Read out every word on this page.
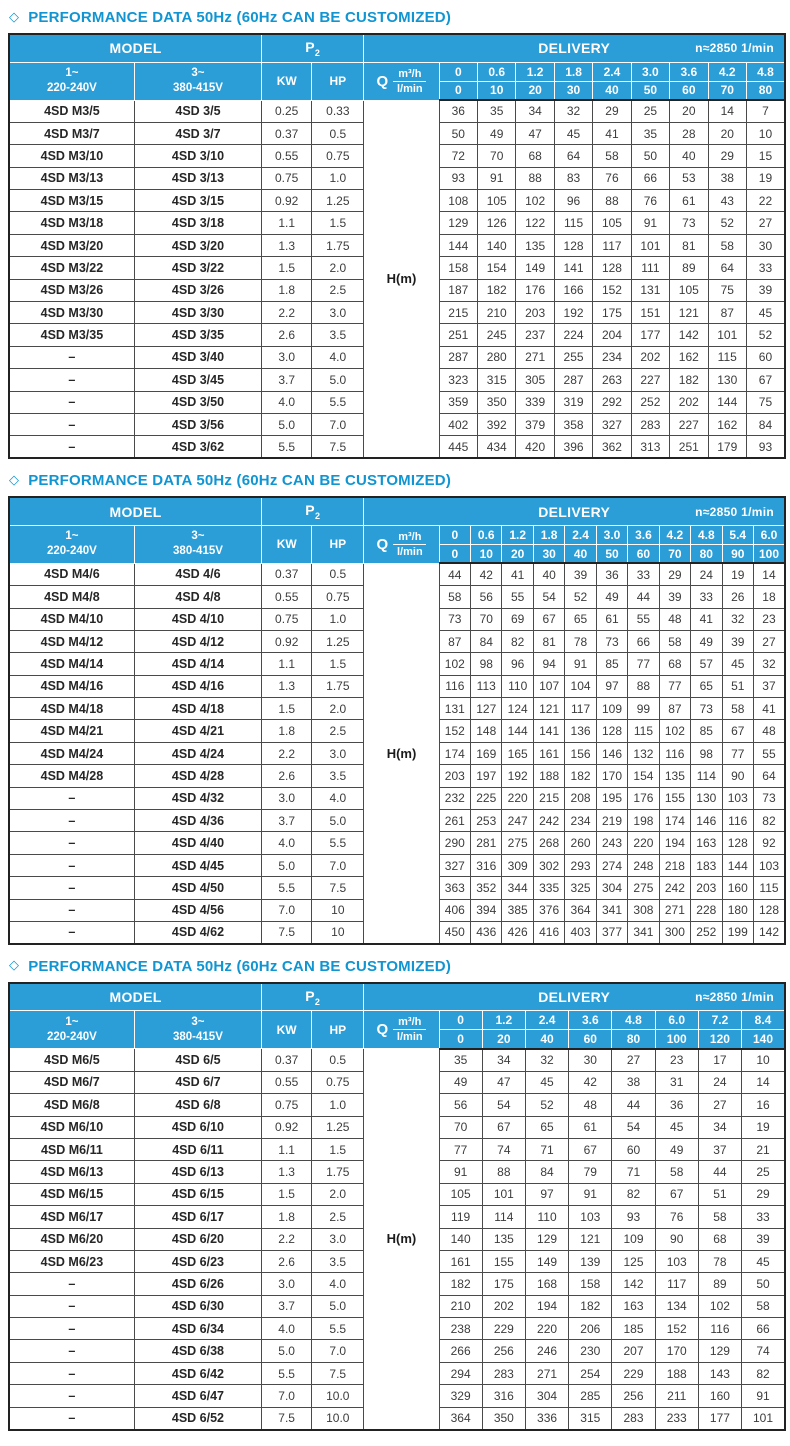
◇ PERFORMANCE DATA 50Hz (60Hz CAN BE CUSTOMIZED)
MODEL		$P_2$		DELIVERY n≈2850 1/min									

1~
220-240V

3~
380-415V	KW	HP	Q m³/h
l/min
	0	0.6	1.2	1.8	2.4	3.0	3.6	4.2	4.8
					0	10	20	30	40	50	60	70	80
4SD M3/5	4SD 3/5	0.25	0.33	H(m)	36	35	34	32	29	25	20	14	7
4SD M3/7	4SD 3/7	0.37	0.5		50	49	47	45	41	35	28	20	10
4SD M3/10	4SD 3/10	0.55	0.75		72	70	68	64	58	50	40	29	15
4SD M3/13	4SD 3/13	0.75	1.0		93	91	88	83	76	66	53	38	19
4SD M3/15	4SD 3/15	0.92	1.25		108	105	102	96	88	76	61	43	22
4SD M3/18	4SD 3/18	1.1	1.5		129	126	122	115	105	91	73	52	27
4SD M3/20	4SD 3/20	1.3	1.75		144	140	135	128	117	101	81	58	30
4SD M3/22	4SD 3/22	1.5	2.0		158	154	149	141	128	111	89	64	33
4SD M3/26	4SD 3/26	1.8	2.5		187	182	176	166	152	131	105	75	39
4SD M3/30	4SD 3/30	2.2	3.0		215	210	203	192	175	151	121	87	45
4SD M3/35	4SD 3/35	2.6	3.5		251	245	237	224	204	177	142	101	52
–	4SD 3/40	3.0	4.0		287	280	271	255	234	202	162	115	60
–	4SD 3/45	3.7	5.0		323	315	305	287	263	227	182	130	67
–	4SD 3/50	4.0	5.5		359	350	339	319	292	252	202	144	75
–	4SD 3/56	5.0	7.0		402	392	379	358	327	283	227	162	84
–	4SD 3/62	5.5	7.5		445	434	420	396	362	313	251	179	93
◇ PERFORMANCE DATA 50Hz (60Hz CAN BE CUSTOMIZED)
MODEL		$P_2$		DELIVERY n≈2850 1/min											

1~
220-240V

3~
380-415V	KW	HP	Q m³/h
l/min
	0	0.6	1.2	1.8	2.4	3.0	3.6	4.2	4.8	5.4	6.0
					0	10	20	30	40	50	60	70	80	90	100
4SD M4/6	4SD 4/6	0.37	0.5	H(m)	44	42	41	40	39	36	33	29	24	19	14
4SD M4/8	4SD 4/8	0.55	0.75		58	56	55	54	52	49	44	39	33	26	18
4SD M4/10	4SD 4/10	0.75	1.0		73	70	69	67	65	61	55	48	41	32	23
4SD M4/12	4SD 4/12	0.92	1.25		87	84	82	81	78	73	66	58	49	39	27
4SD M4/14	4SD 4/14	1.1	1.5		102	98	96	94	91	85	77	68	57	45	32
4SD M4/16	4SD 4/16	1.3	1.75		116	113	110	107	104	97	88	77	65	51	37
4SD M4/18	4SD 4/18	1.5	2.0		131	127	124	121	117	109	99	87	73	58	41
4SD M4/21	4SD 4/21	1.8	2.5		152	148	144	141	136	128	115	102	85	67	48
4SD M4/24	4SD 4/24	2.2	3.0		174	169	165	161	156	146	132	116	98	77	55
4SD M4/28	4SD 4/28	2.6	3.5		203	197	192	188	182	170	154	135	114	90	64
–	4SD 4/32	3.0	4.0		232	225	220	215	208	195	176	155	130	103	73
–	4SD 4/36	3.7	5.0		261	253	247	242	234	219	198	174	146	116	82
–	4SD 4/40	4.0	5.5		290	281	275	268	260	243	220	194	163	128	92
–	4SD 4/45	5.0	7.0		327	316	309	302	293	274	248	218	183	144	103
–	4SD 4/50	5.5	7.5		363	352	344	335	325	304	275	242	203	160	115
–	4SD 4/56	7.0	10		406	394	385	376	364	341	308	271	228	180	128
–	4SD 4/62	7.5	10		450	436	426	416	403	377	341	300	252	199	142
◇ PERFORMANCE DATA 50Hz (60Hz CAN BE CUSTOMIZED)
MODEL		$P_2$		DELIVERY n≈2850 1/min								

1~
220-240V

3~
380-415V	KW	HP	Q m³/h
l/min
	0	1.2	2.4	3.6	4.8	6.0	7.2	8.4
					0	20	40	60	80	100	120	140
4SD M6/5	4SD 6/5	0.37	0.5	H(m)	35	34	32	30	27	23	17	10
4SD M6/7	4SD 6/7	0.55	0.75		49	47	45	42	38	31	24	14
4SD M6/8	4SD 6/8	0.75	1.0		56	54	52	48	44	36	27	16
4SD M6/10	4SD 6/10	0.92	1.25		70	67	65	61	54	45	34	19
4SD M6/11	4SD 6/11	1.1	1.5		77	74	71	67	60	49	37	21
4SD M6/13	4SD 6/13	1.3	1.75		91	88	84	79	71	58	44	25
4SD M6/15	4SD 6/15	1.5	2.0		105	101	97	91	82	67	51	29
4SD M6/17	4SD 6/17	1.8	2.5		119	114	110	103	93	76	58	33
4SD M6/20	4SD 6/20	2.2	3.0		140	135	129	121	109	90	68	39
4SD M6/23	4SD 6/23	2.6	3.5		161	155	149	139	125	103	78	45
–	4SD 6/26	3.0	4.0		182	175	168	158	142	117	89	50
–	4SD 6/30	3.7	5.0		210	202	194	182	163	134	102	58
–	4SD 6/34	4.0	5.5		238	229	220	206	185	152	116	66
–	4SD 6/38	5.0	7.0		266	256	246	230	207	170	129	74
–	4SD 6/42	5.5	7.5		294	283	271	254	229	188	143	82
–	4SD 6/47	7.0	10.0		329	316	304	285	256	211	160	91
–	4SD 6/52	7.5	10.0		364	350	336	315	283	233	177	101
